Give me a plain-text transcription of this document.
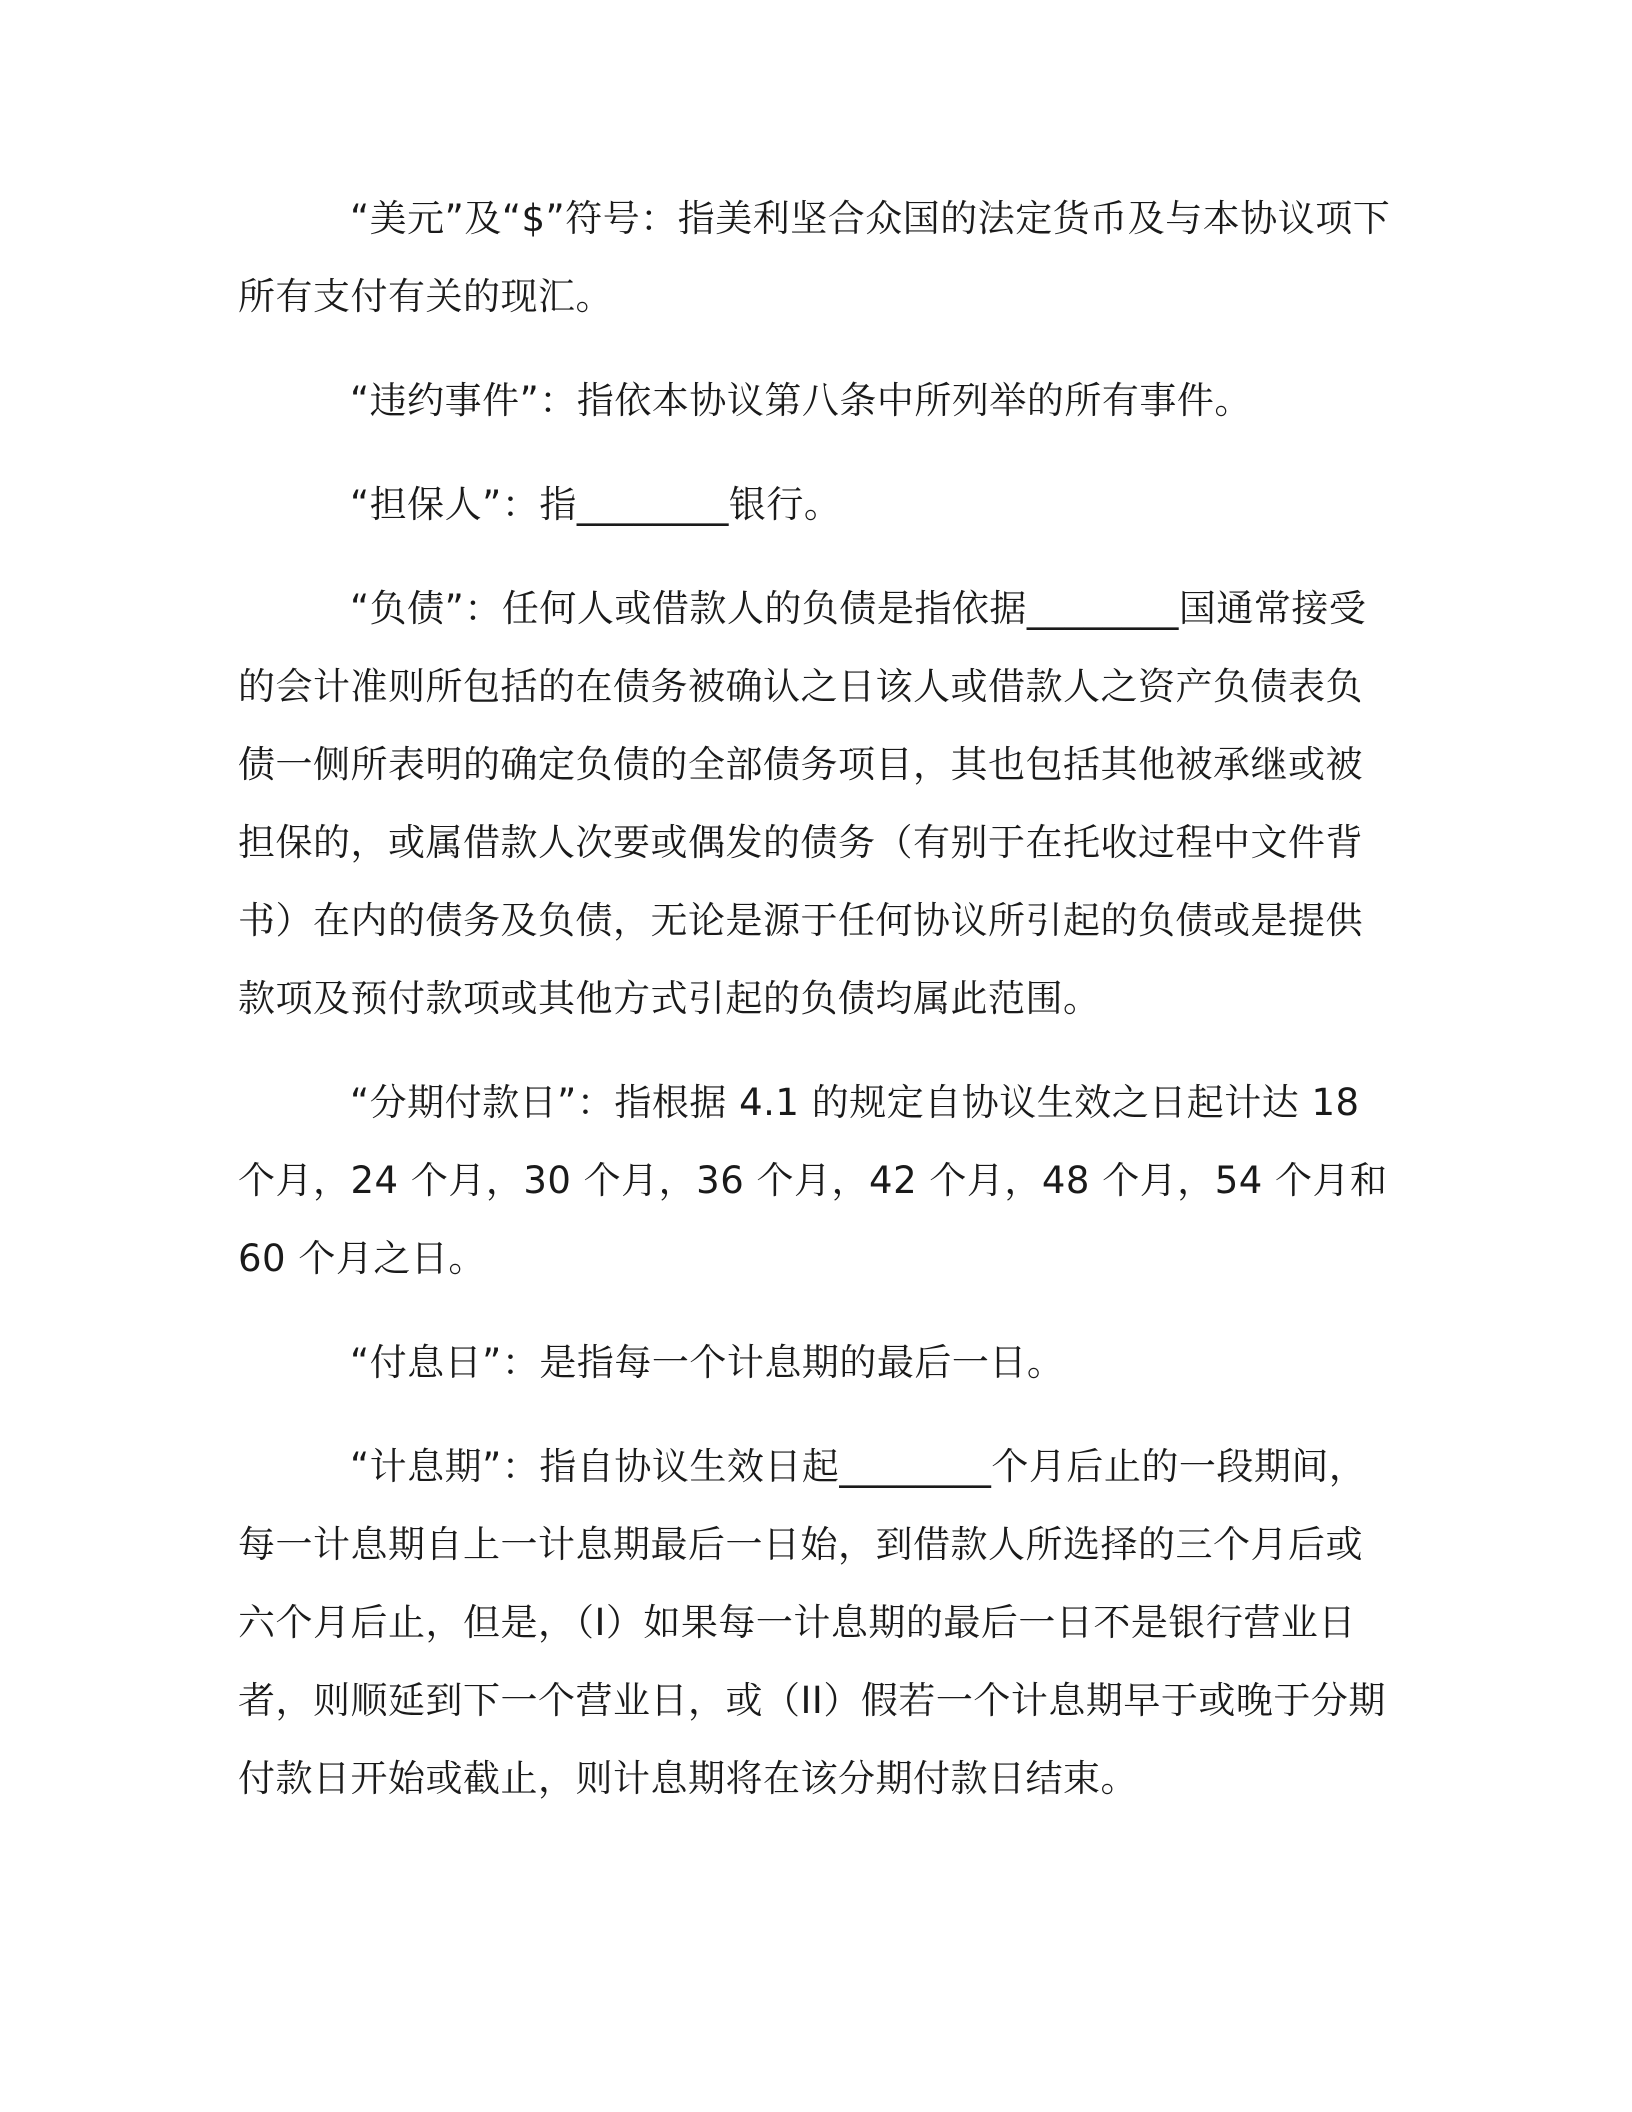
“美元”及“$”符号：指美利坚合众国的法定货币及与本协议项下所有支付有关的现汇。

“违约事件”：指依本协议第八条中所列举的所有事件。

“担保人”：指________银行。

“负债”：任何人或借款人的负债是指依据________国通常接受的会计准则所包括的在债务被确认之日该人或借款人之资产负债表负债一侧所表明的确定负债的全部债务项目，其也包括其他被承继或被担保的，或属借款人次要或偶发的债务（有别于在托收过程中文件背书）在内的债务及负债，无论是源于任何协议所引起的负债或是提供款项及预付款项或其他方式引起的负债均属此范围。

“分期付款日”：指根据 4.1 的规定自协议生效之日起计达 18 个月，24 个月，30 个月，36 个月，42 个月，48 个月，54 个月和 60 个月之日。

“付息日”：是指每一个计息期的最后一日。

“计息期”：指自协议生效日起________个月后止的一段期间，每一计息期自上一计息期最后一日始，到借款人所选择的三个月后或六个月后止，但是，（I）如果每一计息期的最后一日不是银行营业日者，则顺延到下一个营业日，或（II）假若一个计息期早于或晚于分期付款日开始或截止，则计息期将在该分期付款日结束。
